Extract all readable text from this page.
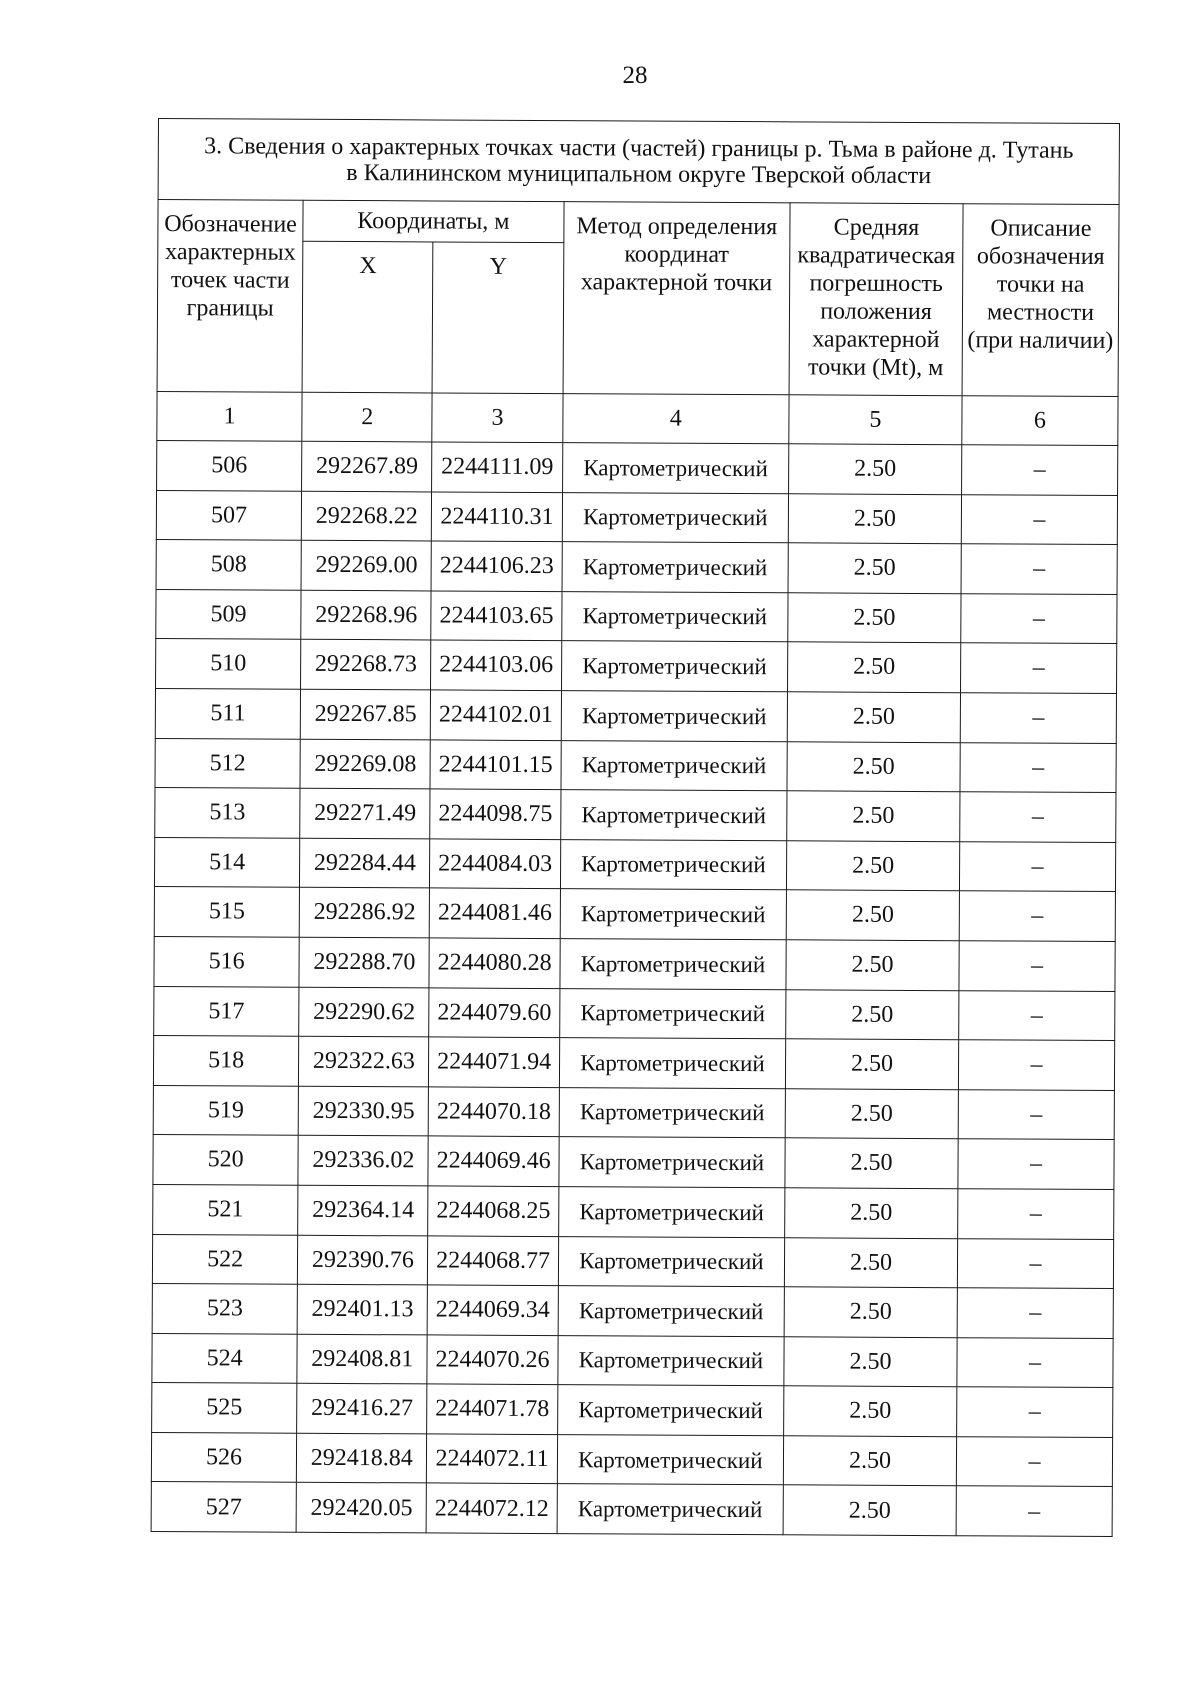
28
3. Сведения о характерных точках части (частей) границы р. Тьма в районе д. Тутань
в Калининском муниципальном округе Тверской области					

Обозначение характерных точек части границы	Координаты, м		Метод определения координат характерной точки	Средняя квадратическая погрешность положения характерной точки (Mt), м	Описание обозначения точки на местности (при наличии)
	X	Y			
1	2	3	4	5	6
506	292267.89	2244111.09	Картометрический	2.50	–
507	292268.22	2244110.31	Картометрический	2.50	–
508	292269.00	2244106.23	Картометрический	2.50	–
509	292268.96	2244103.65	Картометрический	2.50	–
510	292268.73	2244103.06	Картометрический	2.50	–
511	292267.85	2244102.01	Картометрический	2.50	–
512	292269.08	2244101.15	Картометрический	2.50	–
513	292271.49	2244098.75	Картометрический	2.50	–
514	292284.44	2244084.03	Картометрический	2.50	–
515	292286.92	2244081.46	Картометрический	2.50	–
516	292288.70	2244080.28	Картометрический	2.50	–
517	292290.62	2244079.60	Картометрический	2.50	–
518	292322.63	2244071.94	Картометрический	2.50	–
519	292330.95	2244070.18	Картометрический	2.50	–
520	292336.02	2244069.46	Картометрический	2.50	–
521	292364.14	2244068.25	Картометрический	2.50	–
522	292390.76	2244068.77	Картометрический	2.50	–
523	292401.13	2244069.34	Картометрический	2.50	–
524	292408.81	2244070.26	Картометрический	2.50	–
525	292416.27	2244071.78	Картометрический	2.50	–
526	292418.84	2244072.11	Картометрический	2.50	–
527	292420.05	2244072.12	Картометрический	2.50	–
